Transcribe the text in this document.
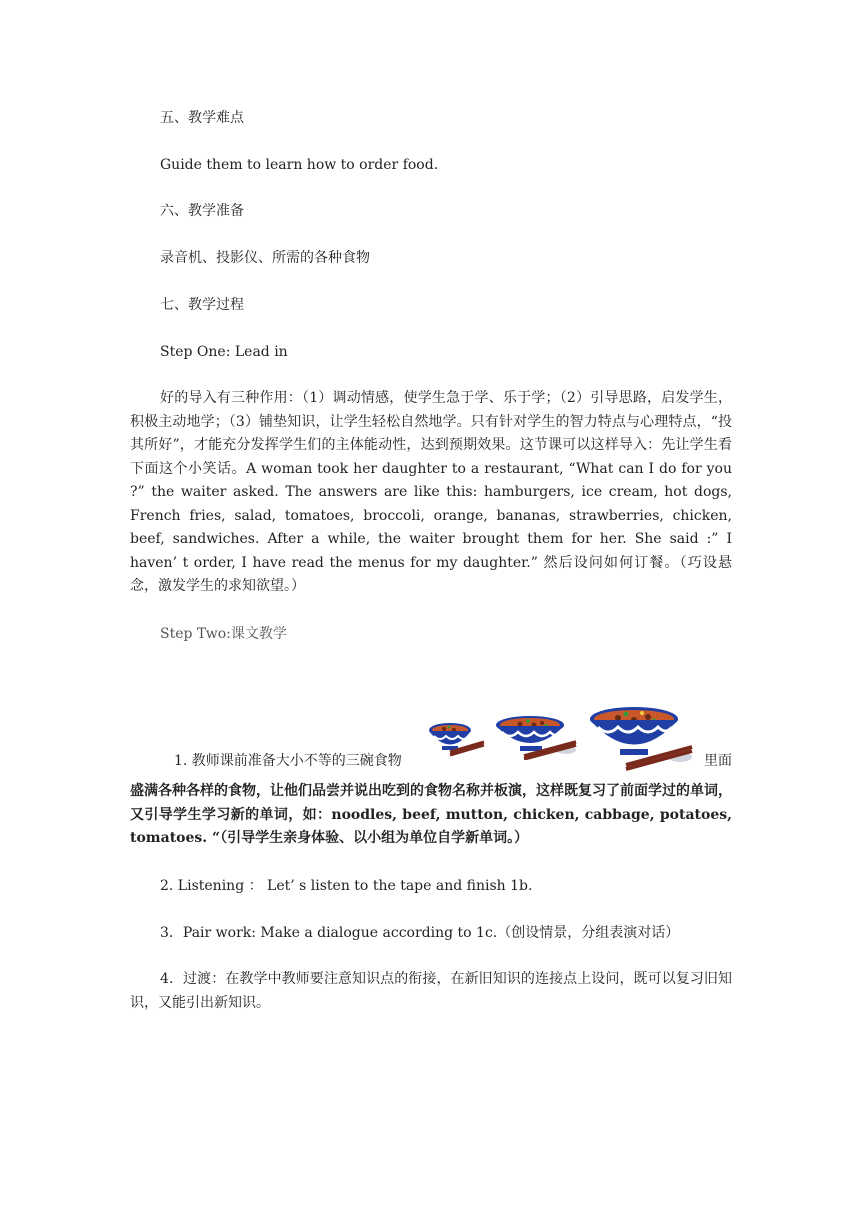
五、教学难点

Guide them to learn how to order food.

六、教学准备

录音机、投影仪、所需的各种食物

七、教学过程

Step One: Lead in

好的导入有三种作用：（1）调动情感，使学生急于学、乐于学；（2）引导思路，启发学生，积极主动地学；（3）铺垫知识，让学生轻松自然地学。只有针对学生的智力特点与心理特点，“投其所好”，才能充分发挥学生们的主体能动性，达到预期效果。这节课可以这样导入：先让学生看下面这个小笑话。A woman took her daughter to a restaurant, “What can I do for you ?” the waiter asked. The answers are like this: hamburgers, ice cream, hot dogs, French fries, salad, tomatoes, broccoli, orange, bananas, strawberries, chicken, beef, sandwiches. After a while, the waiter brought them for her. She said :” I haven’ t order, I have read the menus for my daughter.” 然后设问如何订餐。（巧设悬念，激发学生的求知欲望。）

Step Two:课文教学

1. 教师课前准备大小不等的三碗食物	里面

盛满各种各样的食物，让他们品尝并说出吃到的食物名称并板演，这样既复习了前面学过的单词，又引导学生学习新的单词，如：noodles, beef, mutton, chicken, cabbage, potatoes, tomatoes. “（引导学生亲身体验、以小组为单位自学新单词。）

2. Listening ： Let’ s listen to the tape and finish 1b.

3．Pair work: Make a dialogue according to 1c.（创设情景，分组表演对话）

4．过渡：在教学中教师要注意知识点的衔接，在新旧知识的连接点上设问，既可以复习旧知识，又能引出新知识。
